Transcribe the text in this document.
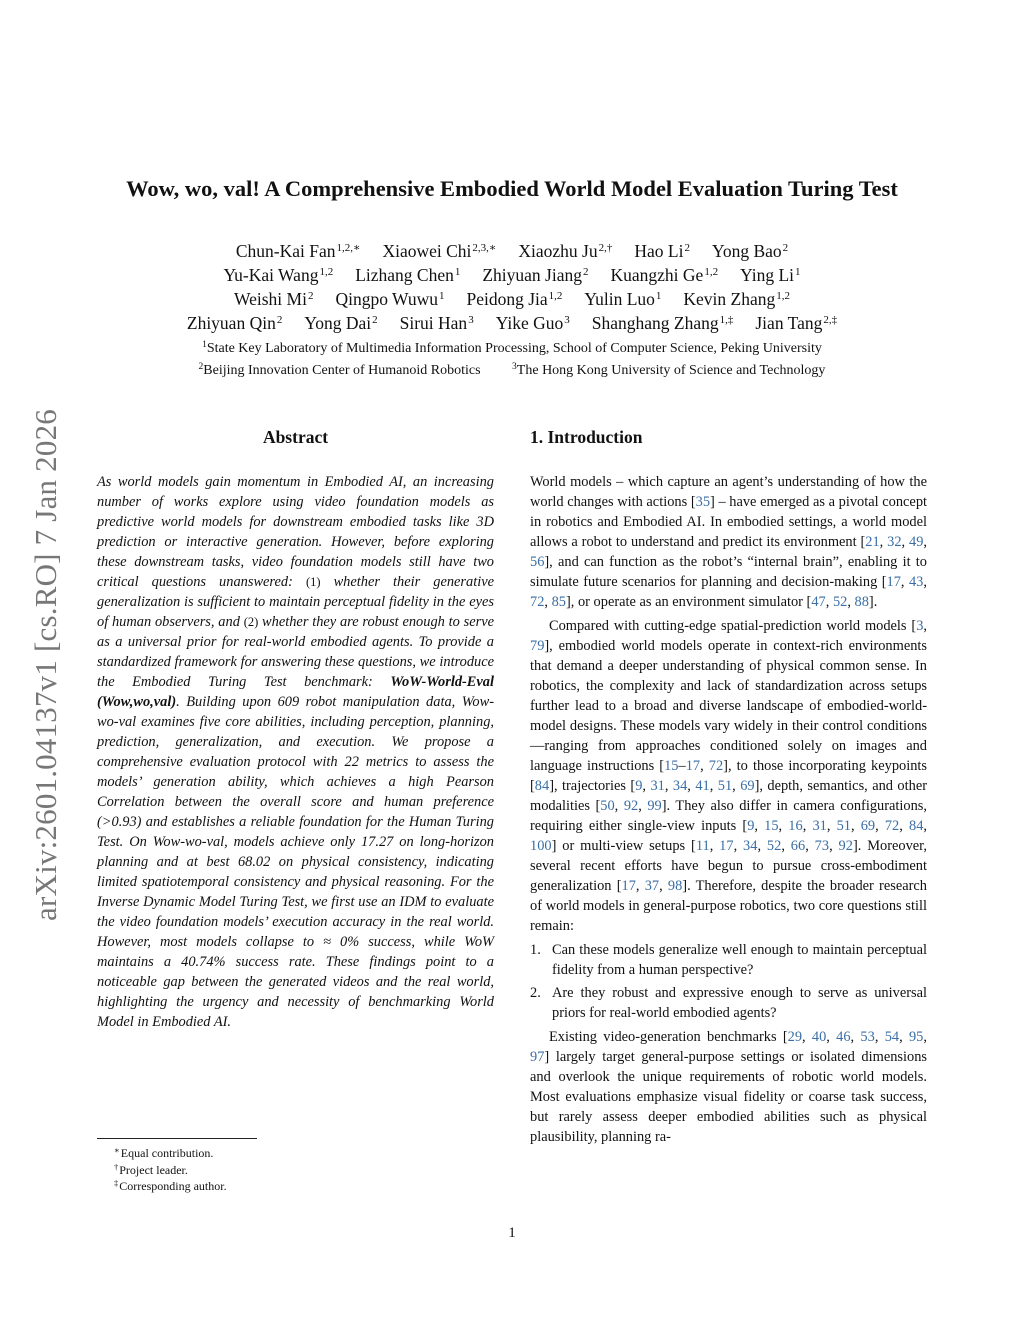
arXiv:2601.04137v1 [cs.RO] 7 Jan 2026
Wow, wo, val! A Comprehensive Embodied World Model Evaluation Turing Test
Chun-Kai Fan$^{1,2,∗}$ Xiaowei Chi$^{2,3,∗}$ Xiaozhu $Ju^{2,\dagger}$ Hao Li$^2$ Yong Bao$^2$
Yu-Kai Wang$^{1,2}$ Lizhang Chen$^1$ Zhiyuan Jiang$^2$ Kuangzhi Ge$^{1,2}$ Ying Li$^1$
Weishi Mi$^2$ Qingpo Wuwu$^1$ Peidong Jia$^{1,2}$ Yulin Luo$^1$ Kevin Zhang$^{1,2}$
Zhiyuan Qin$^2$ Yong Dai$^2$ Sirui Han$^3$ Yike Guo$^3$ Shanghang Zhang$^{1,\ddagger}$ Jian Tang$^{2,\ddagger}$
$^1$State Key Laboratory of Multimedia Information Processing, School of Computer Science, Peking University
$^2$Beijing Innovation Center of Humanoid Robotics	$^3$The Hong Kong University of Science and Technology
Abstract

As world models gain momentum in Embodied AI, an increasing number of works explore using video foundation models as predictive world models for downstream embodied tasks like 3D prediction or interactive generation. However, before exploring these downstream tasks, video foundation models still have two critical questions unanswered: (1) whether their generative generalization is sufficient to maintain perceptual fidelity in the eyes of human observers, and (2) whether they are robust enough to serve as a universal prior for real-world embodied agents. To provide a standardized framework for answering these questions, we introduce the Embodied Turing Test benchmark: WoW-World-Eval (Wow,wo,val). Building upon 609 robot manipulation data, Wow-wo-val examines five core abilities, including perception, planning, prediction, generalization, and execution. We propose a comprehensive evaluation protocol with 22 metrics to assess the models’ generation ability, which achieves a high Pearson Correlation between the overall score and human preference (>0.93) and establishes a reliable foundation for the Human Turing Test. On Wow-wo-val, models achieve only 17.27 on long-horizon planning and at best 68.02 on physical consistency, indicating limited spatiotemporal consistency and physical reasoning. For the Inverse Dynamic Model Turing Test, we first use an IDM to evaluate the video foundation models’ execution accuracy in the real world. However, most models collapse to ≈ 0% success, while WoW maintains a 40.74% success rate. These findings point to a noticeable gap between the generated videos and the real world, highlighting the urgency and necessity of benchmarking World Model in Embodied AI.

1. Introduction

World models – which capture an agent’s understanding of how the world changes with actions [35] – have emerged as a pivotal concept in robotics and Embodied AI. In embodied settings, a world model allows a robot to understand and predict its environment [21, 32, 49, 56], and can function as the robot’s “internal brain”, enabling it to simulate future scenarios for planning and decision-making [17, 43, 72, 85], or operate as an environment simulator [47, 52, 88].

Compared with cutting-edge spatial-prediction world models [3, 79], embodied world models operate in context-rich environments that demand a deeper understanding of physical common sense. In robotics, the complexity and lack of standardization across setups further lead to a broad and diverse landscape of embodied-world-model designs. These models vary widely in their control conditions—ranging from approaches conditioned solely on images and language instructions [15–17, 72], to those incorporating keypoints [84], trajectories [9, 31, 34, 41, 51, 69], depth, semantics, and other modalities [50, 92, 99]. They also differ in camera configurations, requiring either single-view inputs [9, 15, 16, 31, 51, 69, 72, 84, 100] or multi-view setups [11, 17, 34, 52, 66, 73, 92]. Moreover, several recent efforts have begun to pursue cross-embodiment generalization [17, 37, 98]. Therefore, despite the broader research of world models in general-purpose robotics, two core questions still remain:

1. Can these models generalize well enough to maintain perceptual fidelity from a human perspective?
2. Are they robust and expressive enough to serve as universal priors for real-world embodied agents?

Existing video-generation benchmarks [29, 40, 46, 53, 54, 95, 97] largely target general-purpose settings or isolated dimensions and overlook the unique requirements of robotic world models. Most evaluations emphasize visual fidelity or coarse task success, but rarely assess deeper embodied abilities such as physical plausibility, planning ra-

∗Equal contribution.
†Project leader.
‡Corresponding author.
1
